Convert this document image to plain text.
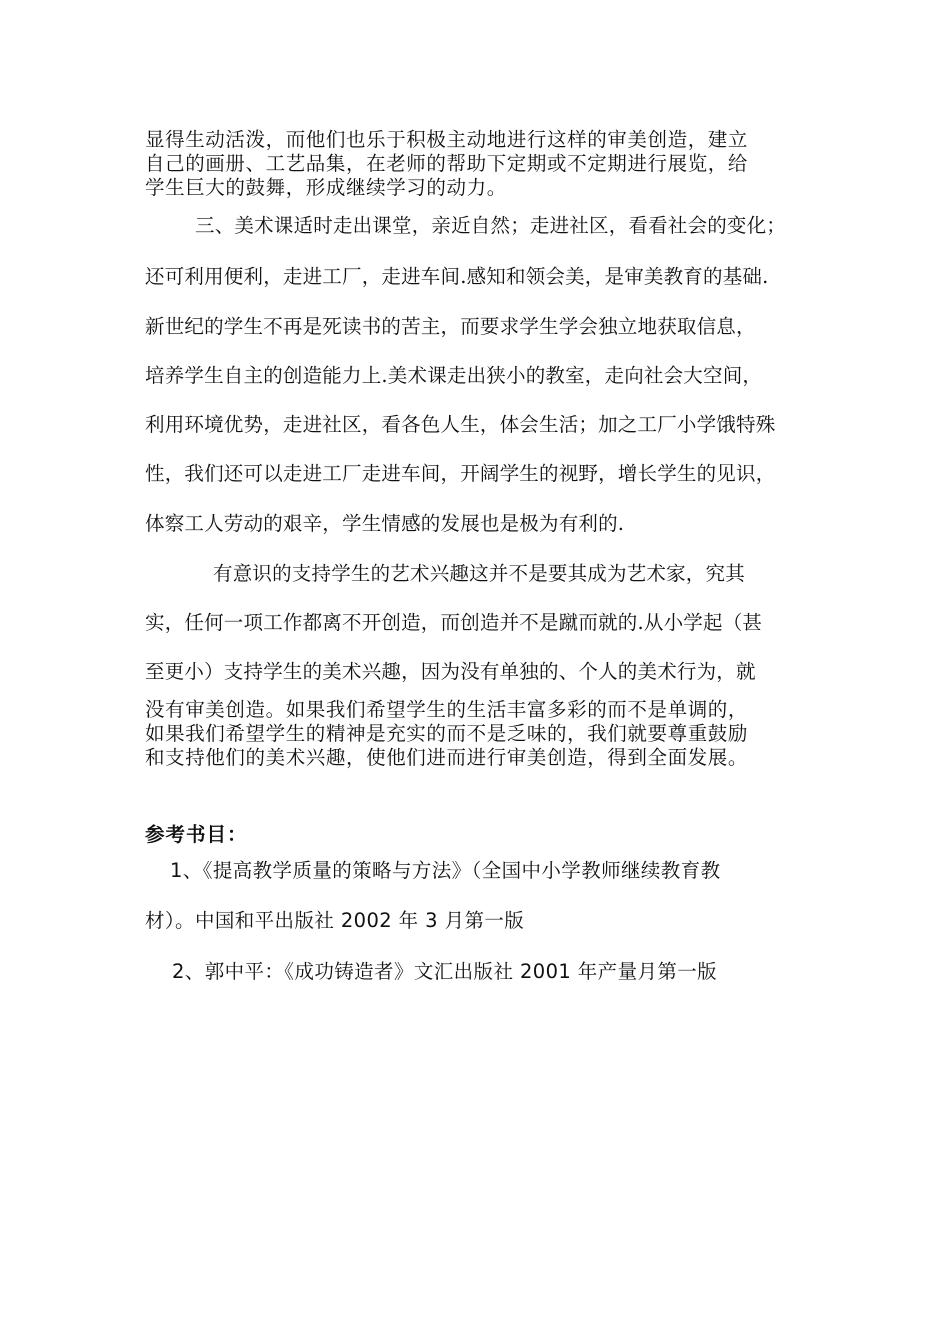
显得生动活泼，而他们也乐于积极主动地进行这样的审美创造，建立
自己的画册、工艺品集，在老师的帮助下定期或不定期进行展览，给
学生巨大的鼓舞，形成继续学习的动力。
三、美术课适时走出课堂，亲近自然；走进社区，看看社会的变化；
还可利用便利，走进工厂，走进车间.感知和领会美，是审美教育的基础.
新世纪的学生不再是死读书的苦主，而要求学生学会独立地获取信息，
培养学生自主的创造能力上.美术课走出狭小的教室，走向社会大空间，
利用环境优势，走进社区，看各色人生，体会生活；加之工厂小学饿特殊
性，我们还可以走进工厂走进车间，开阔学生的视野，增长学生的见识，
体察工人劳动的艰辛，学生情感的发展也是极为有利的.
有意识的支持学生的艺术兴趣这并不是要其成为艺术家，究其
实，任何一项工作都离不开创造，而创造并不是蹴而就的.从小学起（甚
至更小）支持学生的美术兴趣，因为没有单独的、个人的美术行为，就
没有审美创造。如果我们希望学生的生活丰富多彩的而不是单调的，
如果我们希望学生的精神是充实的而不是乏味的，我们就要尊重鼓励
和支持他们的美术兴趣，使他们进而进行审美创造，得到全面发展。
参考书目：
1、《提高教学质量的策略与方法》（全国中小学教师继续教育教
材）。中国和平出版社 2002 年 3 月第一版
2、郭中平：《成功铸造者》文汇出版社 2001 年产量月第一版
